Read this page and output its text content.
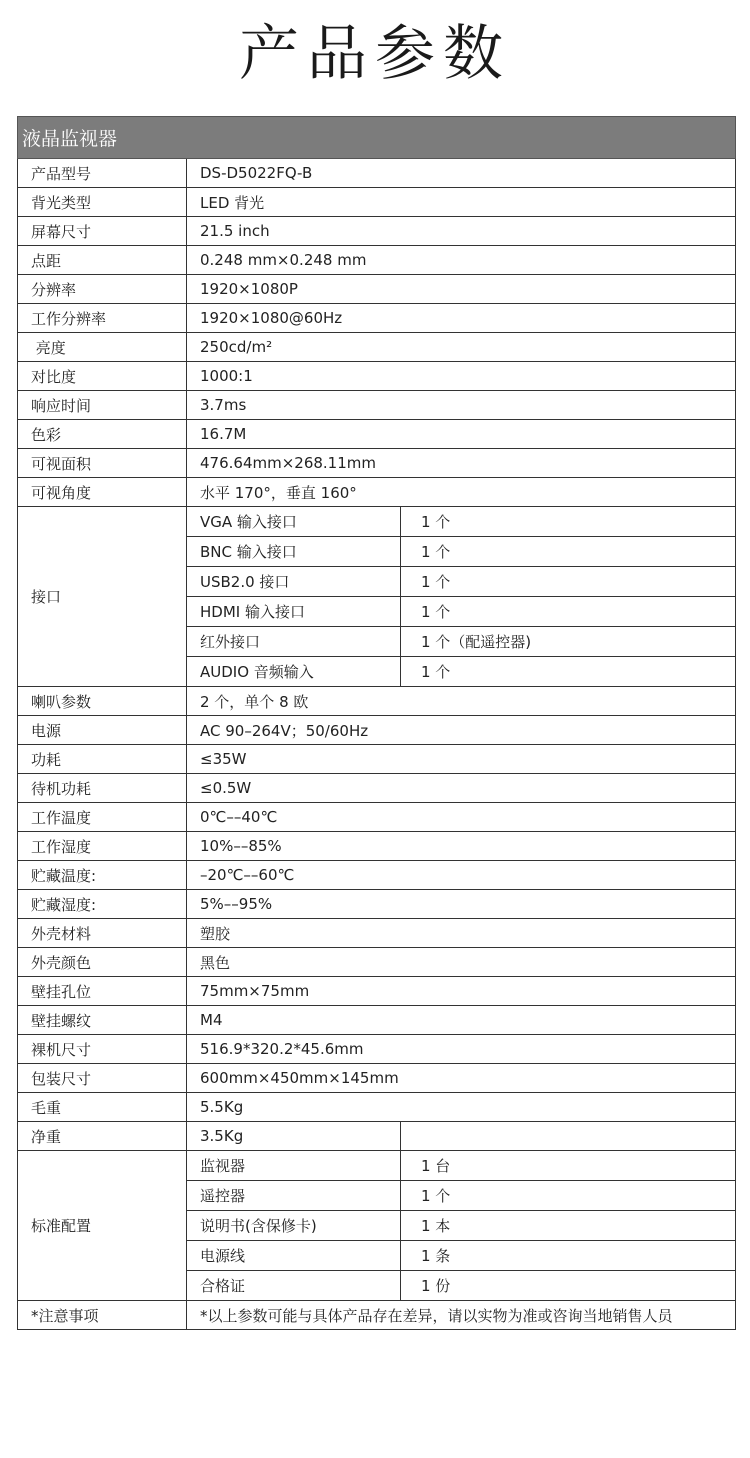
产品参数
液晶监视器		
产品型号	DS-D5022FQ-B	
背光类型	LED 背光	
屏幕尺寸	21.5 inch	
点距	0.248 mm×0.248 mm	
分辨率	1920×1080P	
工作分辨率	1920×1080@60Hz	
亮度	250cd/m²	
对比度	1000:1	
响应时间	3.7ms	
色彩	16.7M	
可视面积	476.64mm×268.11mm	
可视角度	水平 170°，垂直 160°	
接口	VGA 输入接口	1 个
	BNC 输入接口	1 个
	USB2.0 接口	1 个
	HDMI 输入接口	1 个
	红外接口	1 个（配遥控器)
	AUDIO 音频输入	1 个
喇叭参数	2 个，单个 8 欧	
电源	AC 90–264V；50/60Hz	
功耗	≤35W	
待机功耗	≤0.5W	
工作温度	0℃––40℃	
工作湿度	10%––85%	
贮藏温度:	–20℃––60℃	
贮藏湿度:	5%––95%	
外壳材料	塑胶	
外壳颜色	黑色	
壁挂孔位	75mm×75mm	
壁挂螺纹	M4	
裸机尺寸	516.9*320.2*45.6mm	
包装尺寸	600mm×450mm×145mm	
毛重	5.5Kg	
净重	3.5Kg	
标准配置	监视器	1 台
	遥控器	1 个
	说明书(含保修卡)	1 本
	电源线	1 条
	合格证	1 份
*注意事项	*以上参数可能与具体产品存在差异，请以实物为准或咨询当地销售人员	
